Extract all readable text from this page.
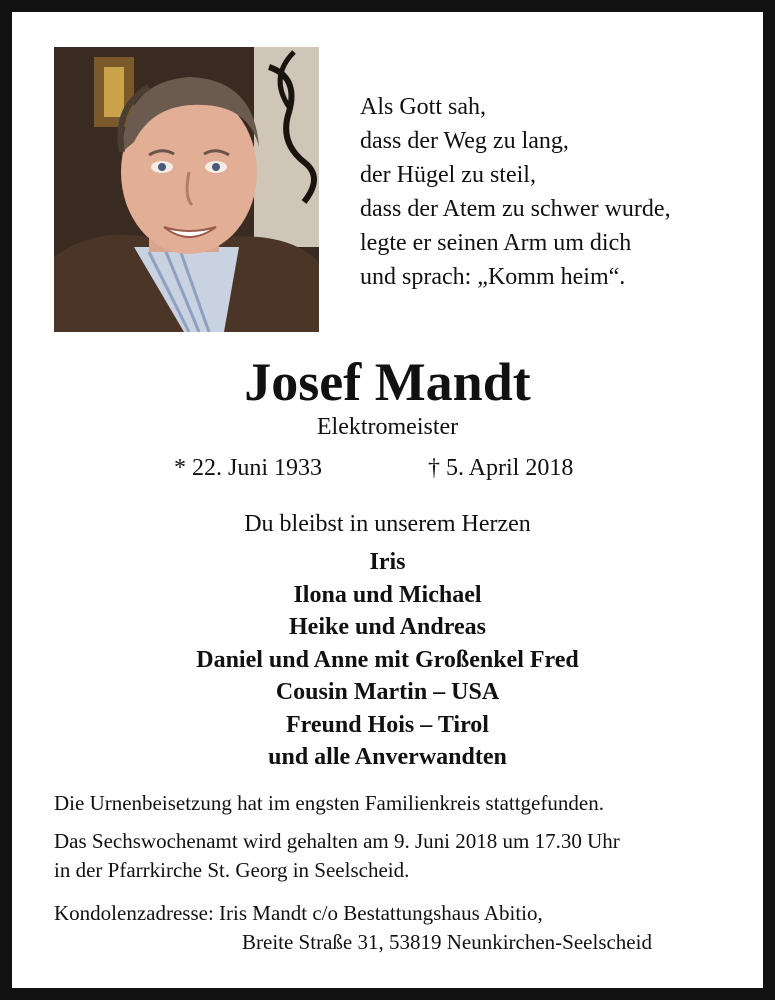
Als Gott sah,
dass der Weg zu lang,
der Hügel zu steil,
dass der Atem zu schwer wurde,
legte er seinen Arm um dich
und sprach: „Komm heim“.
Josef Mandt
Elektromeister
* 22. Juni 1933	† 5. April 2018
Du bleibst in unserem Herzen
Iris
Ilona und Michael
Heike und Andreas
Daniel und Anne mit Großenkel Fred
Cousin Martin – USA
Freund Hois – Tirol
und alle Anverwandten
Die Urnenbeisetzung hat im engsten Familienkreis stattgefunden.
Das Sechswochenamt wird gehalten am 9. Juni 2018 um 17.30 Uhr
in der Pfarrkirche St. Georg in Seelscheid.
Kondolenzadresse: Iris Mandt c/o Bestattungshaus Abitio,
Breite Straße 31, 53819 Neunkirchen-Seelscheid
